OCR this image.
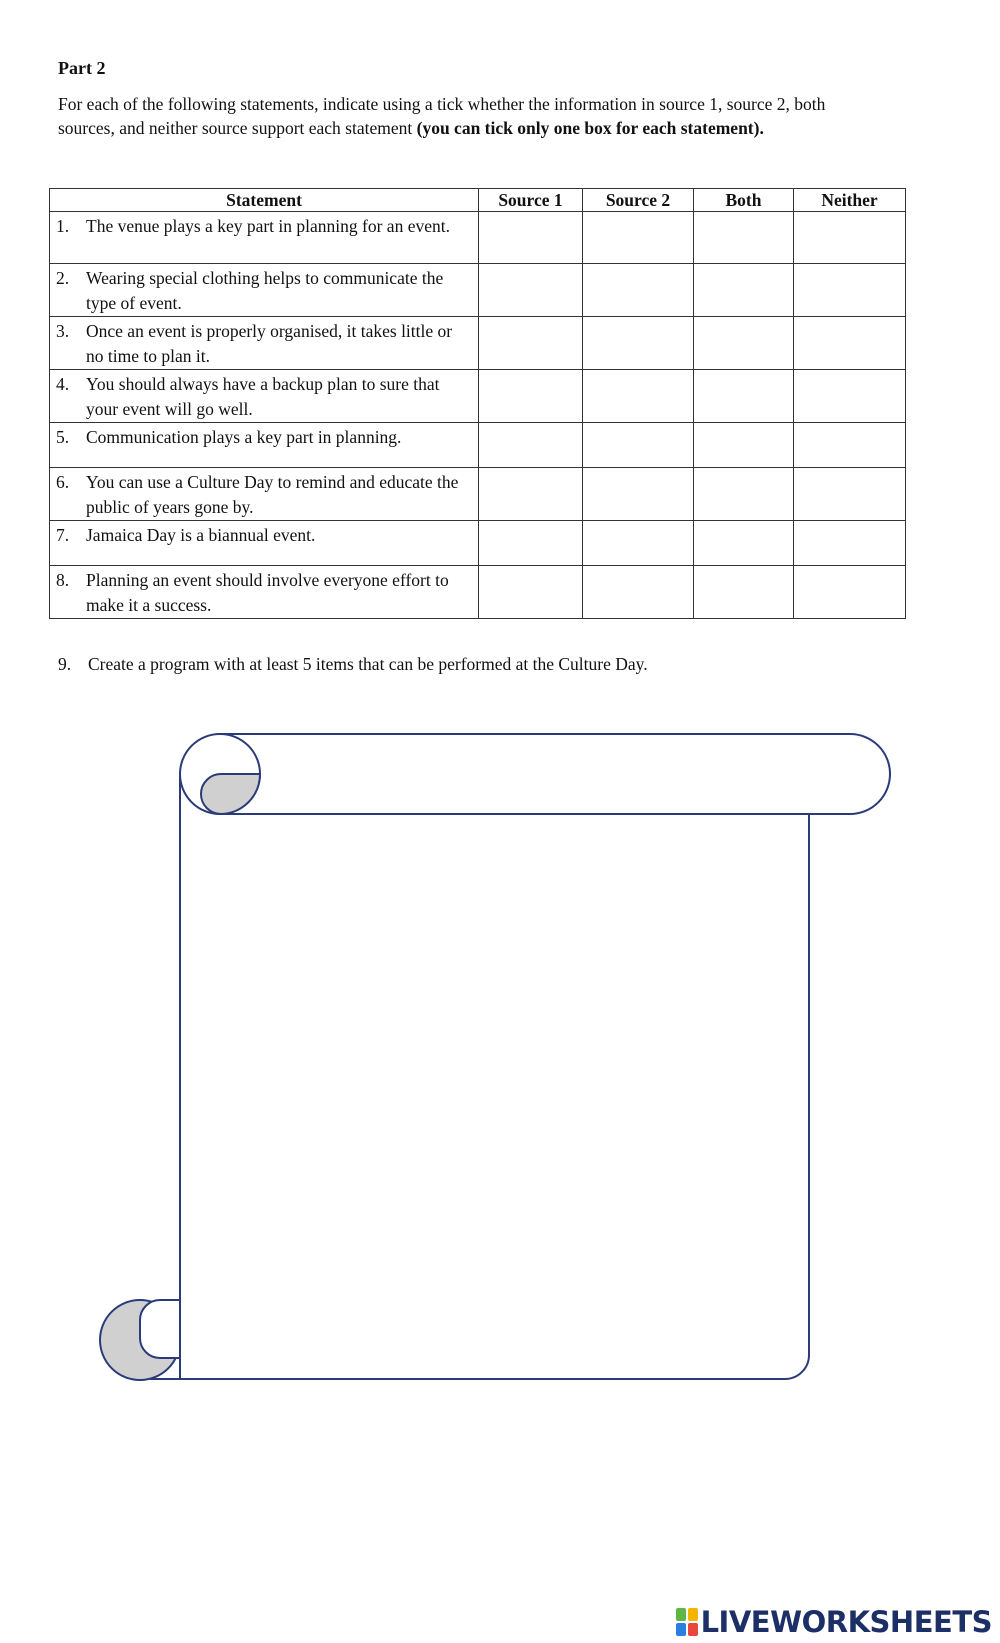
Part 2
For each of the following statements, indicate using a tick whether the information in source 1, source 2, both sources, and neither source support each statement (you can tick only one box for each statement).
Statement	Source 1	Source 2	Both	Neither

1. The venue plays a key part in planning for an event.				

2. Wearing special clothing helps to communicate the type of event.				

3. Once an event is properly organised, it takes little or no time to plan it.				

4. You should always have a backup plan to sure that your event will go well.				

5. Communication plays a key part in planning.				

6. You can use a Culture Day to remind and educate the public of years gone by.				

7. Jamaica Day is a biannual event.				

8. Planning an event should involve everyone effort to make it a success.				

9. Create a program with at least 5 items that can be performed at the Culture Day.
LIVEWORKSHEETS
